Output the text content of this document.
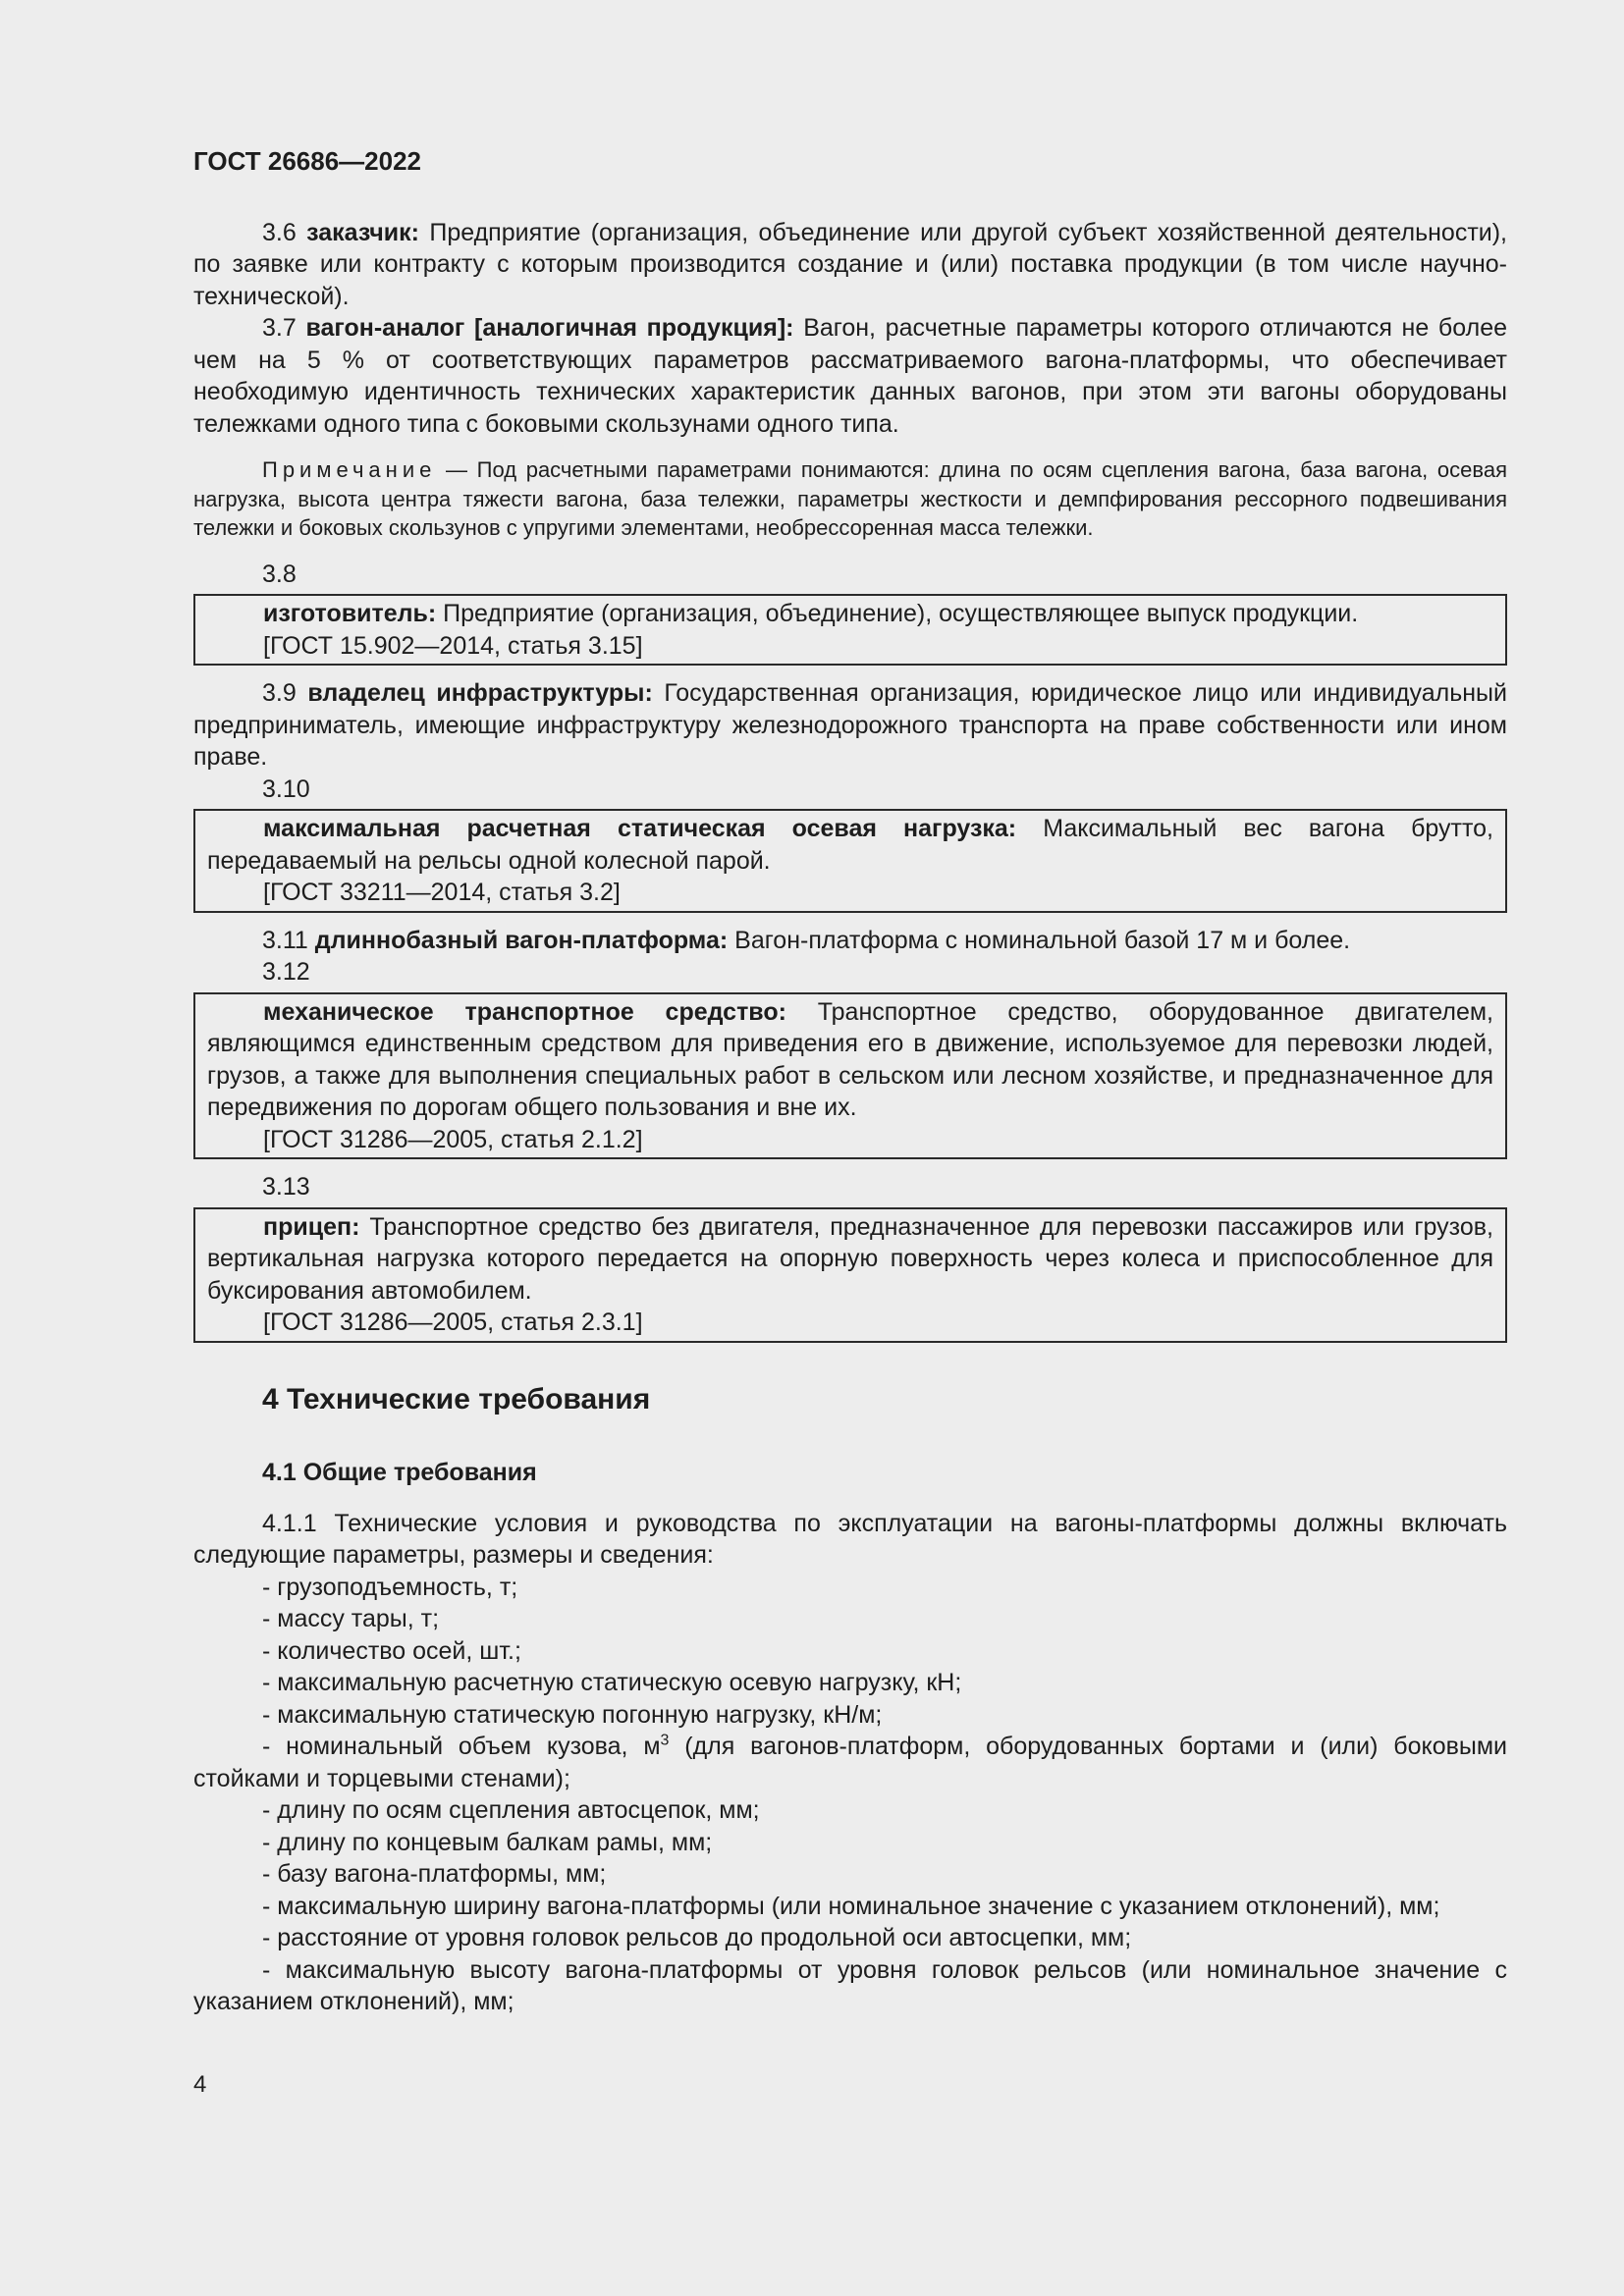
ГОСТ 26686—2022

3.6 заказчик: Предприятие (организация, объединение или другой субъект хозяйственной деятельности), по заявке или контракту с которым производится создание и (или) поставка продукции (в том числе научно-технической).

3.7 вагон-аналог [аналогичная продукция]: Вагон, расчетные параметры которого отличаются не более чем на 5 % от соответствующих параметров рассматриваемого вагона-платформы, что обеспечивает необходимую идентичность технических характеристик данных вагонов, при этом эти вагоны оборудованы тележками одного типа с боковыми скользунами одного типа.

Примечание — Под расчетными параметрами понимаются: длина по осям сцепления вагона, база вагона, осевая нагрузка, высота центра тяжести вагона, база тележки, параметры жесткости и демпфирования рессорного подвешивания тележки и боковых скользунов с упругими элементами, необрессоренная масса тележки.

3.8

изготовитель: Предприятие (организация, объединение), осуществляющее выпуск продукции.

[ГОСТ 15.902—2014, статья 3.15]

3.9 владелец инфраструктуры: Государственная организация, юридическое лицо или индивидуальный предприниматель, имеющие инфраструктуру железнодорожного транспорта на праве собственности или ином праве.

3.10

максимальная расчетная статическая осевая нагрузка: Максимальный вес вагона брутто, передаваемый на рельсы одной колесной парой.

[ГОСТ 33211—2014, статья 3.2]

3.11 длиннобазный вагон-платформа: Вагон-платформа с номинальной базой 17 м и более.

3.12

механическое транспортное средство: Транспортное средство, оборудованное двигателем, являющимся единственным средством для приведения его в движение, используемое для перевозки людей, грузов, а также для выполнения специальных работ в сельском или лесном хозяйстве, и предназначенное для передвижения по дорогам общего пользования и вне их.

[ГОСТ 31286—2005, статья 2.1.2]

3.13

прицеп: Транспортное средство без двигателя, предназначенное для перевозки пассажиров или грузов, вертикальная нагрузка которого передается на опорную поверхность через колеса и приспособленное для буксирования автомобилем.

[ГОСТ 31286—2005, статья 2.3.1]

4 Технические требования
4.1 Общие требования

4.1.1 Технические условия и руководства по эксплуатации на вагоны-платформы должны включать следующие параметры, размеры и сведения:

- грузоподъемность, т;
- массу тары, т;
- количество осей, шт.;
- максимальную расчетную статическую осевую нагрузку, кН;
- максимальную статическую погонную нагрузку, кН/м;

- номинальный объем кузова, $м^3$ (для вагонов-платформ, оборудованных бортами и (или) боковыми стойками и торцевыми стенами);

- длину по осям сцепления автосцепок, мм;
- длину по концевым балкам рамы, мм;
- базу вагона-платформы, мм;
- максимальную ширину вагона-платформы (или номинальное значение с указанием отклонений), мм;
- расстояние от уровня головок рельсов до продольной оси автосцепки, мм;

- максимальную высоту вагона-платформы от уровня головок рельсов (или номинальное значение с указанием отклонений), мм;

4
